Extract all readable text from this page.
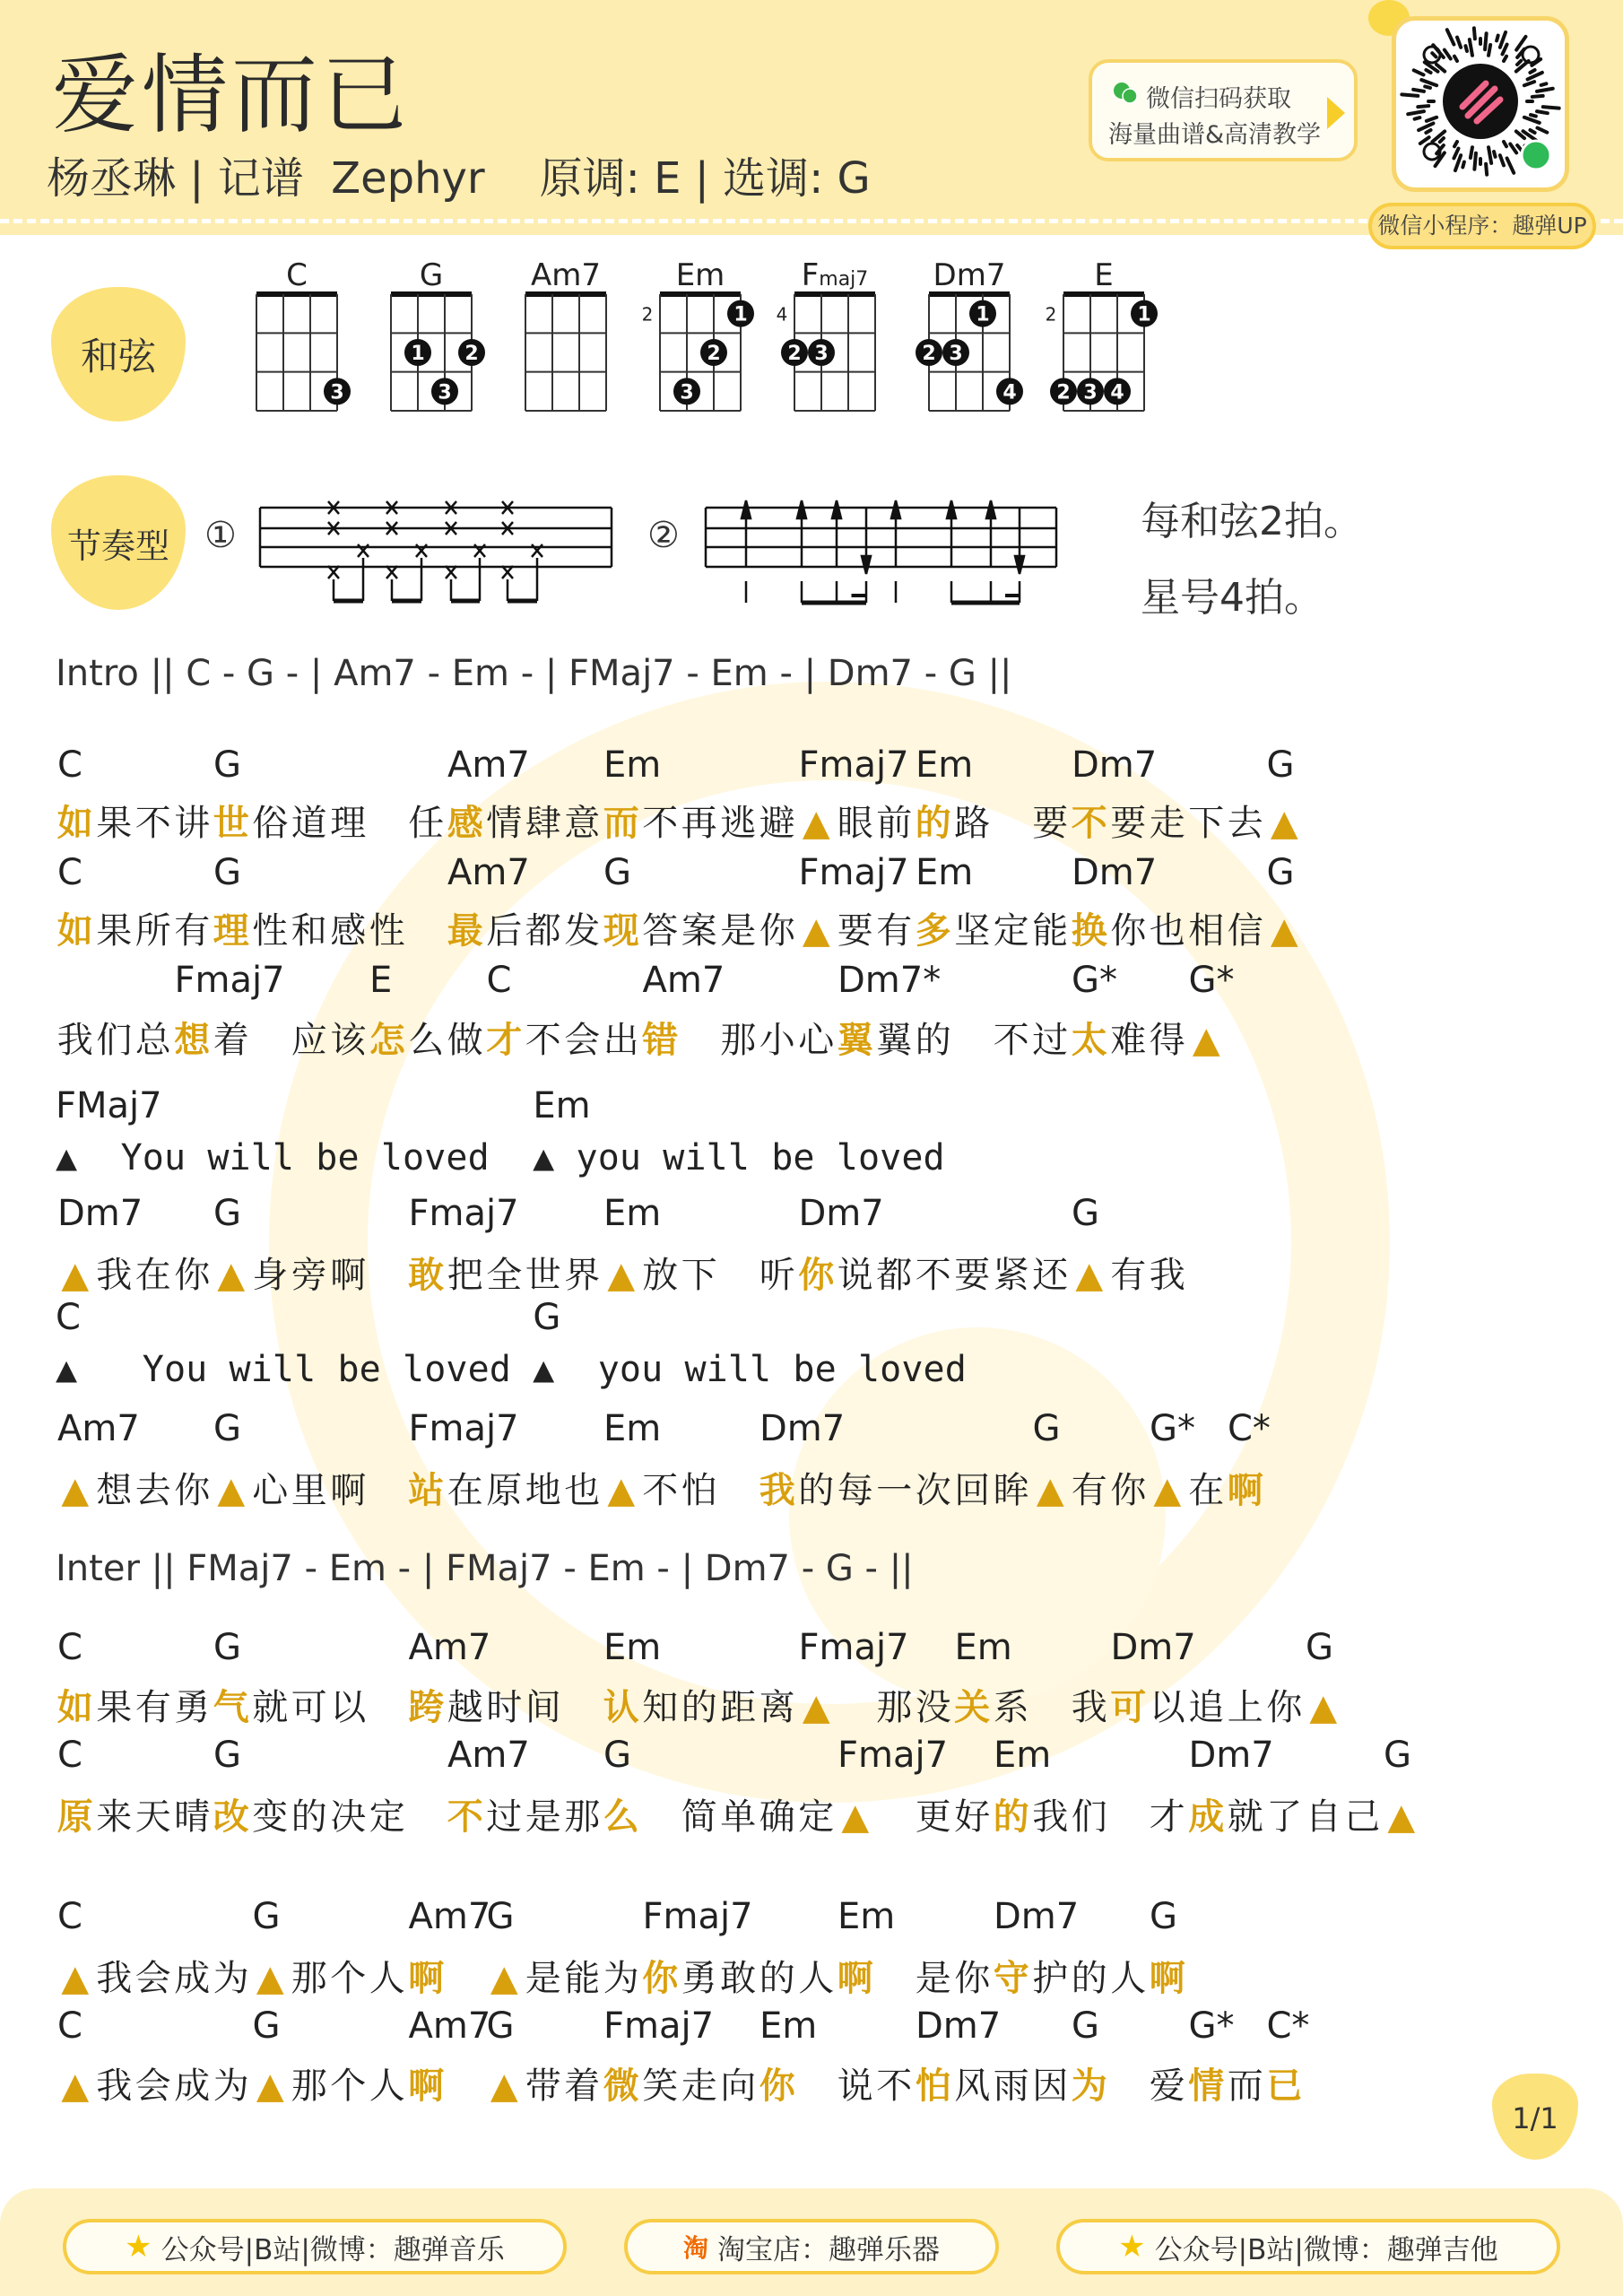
爱情而已
杨丞琳 | 记谱  Zephyr    原调: E | 选调: G
微信扫码获取
海量曲谱&高清教学
微信小程序：趣弹UP
和弦
C
3
G
1 2
3
Am7 Em
2	1
2
3
Fmaj7
4
2 3
Dm7
1
2 3
4
E
2	1
2 3 4
节奏型 ①	②	每和弦2拍。
星号4拍。
Intro || C - G - | Am7 - Em - | FMaj7 - Em - | Dm7 - G ||
C	G	Am7 Em	Fmaj7 Em	Dm7	G
如果不讲世俗道理 任感情肆意而不再逃避 ▲ 眼前的路 要不要走下去 ▲
C	G	Am7 G	Fmaj7 Em	Dm7	G
如果所有理性和感性 最后都发现答案是你 ▲ 要有多坚定能换你也相信 ▲
Fmaj7 E	C	Am7	Dm7*	G* G*
我们总想着 应该怎么做才不会出错 那小心翼翼的 不过太难得 ▲
FMaj7	Em
▲ You will be loved ▲ you will be loved
Dm7 G	Fmaj7 Em	Dm7	G
▲ 我在你 ▲ 身旁啊 敢把全世界 ▲ 放下 听你说都不要紧还 ▲ 有我
C	G
▲ You will be loved ▲ you will be loved
Am7 G	Fmaj7 Em	Dm7	G G* C*
▲ 想去你 ▲ 心里啊 站在原地也 ▲ 不怕 我的每一次回眸 ▲ 有你 ▲ 在啊
Inter || FMaj7 - Em - | FMaj7 - Em - | Dm7 - G - ||
C	G	Am7	Em	Fmaj7 Em	Dm7	G
如果有勇气就可以 跨越时间 认知的距离 ▲ 那没关系 我可以追上你 ▲
C	G	Am7 G	Fmaj7 Em	Dm7	G
原来天晴改变的决定 不过是那么 简单确定 ▲ 更好的我们 才成就了自己 ▲
C	G	Am7
G	Fmaj7 Em	Dm7 G
▲ 我会成为 ▲ 那个人啊 ▲ 是能为你勇敢的人啊 是你守护的人啊
C	G	Am7
G Fmaj7 Em	Dm7 G G* C*
▲ 我会成为 ▲ 那个人啊 ▲ 带着微笑走向你 说不怕风雨因为 爱情而已
1/1
★ 公众号|B站|微博：趣弹音乐	淘 淘宝店：趣弹乐器	★ 公众号|B站|微博：趣弹吉他
